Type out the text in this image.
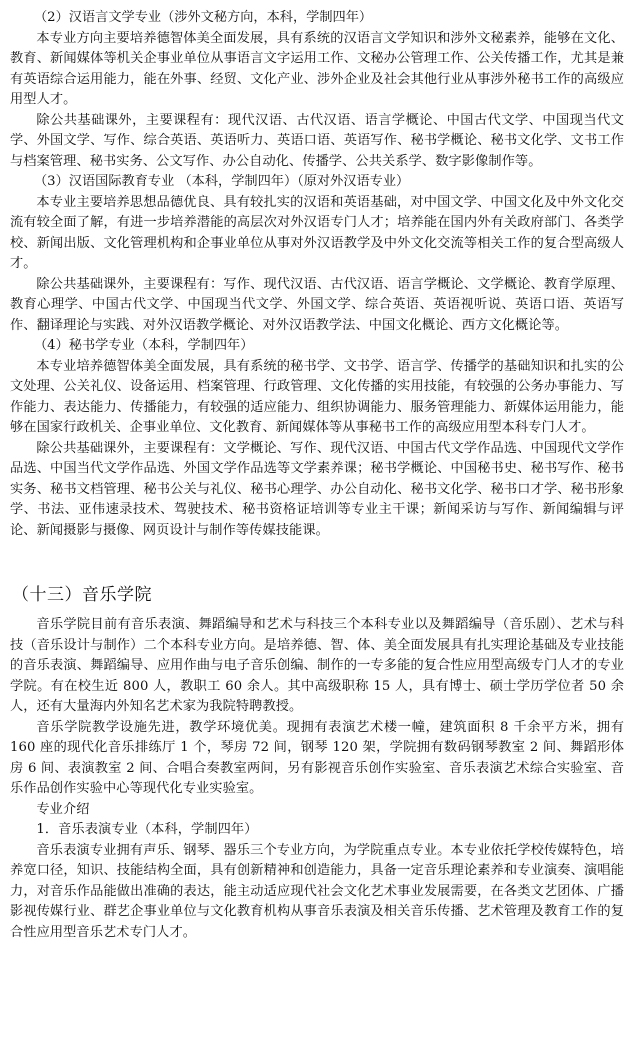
（2）汉语言文学专业（涉外文秘方向，本科，学制四年）

本专业方向主要培养德智体美全面发展，具有系统的汉语言文学知识和涉外文秘素养，能够在文化、教育、新闻媒体等机关企事业单位从事语言文字运用工作、文秘办公管理工作、公关传播工作，尤其是兼有英语综合运用能力，能在外事、经贸、文化产业、涉外企业及社会其他行业从事涉外秘书工作的高级应用型人才。

除公共基础课外，主要课程有：现代汉语、古代汉语、语言学概论、中国古代文学、中国现当代文学、外国文学、写作、综合英语、英语听力、英语口语、英语写作、秘书学概论、秘书文化学、文书工作与档案管理、秘书实务、公文写作、办公自动化、传播学、公共关系学、数字影像制作等。

（3）汉语国际教育专业 （本科，学制四年）（原对外汉语专业）

本专业主要培养思想品德优良、具有较扎实的汉语和英语基础，对中国文学、中国文化及中外文化交流有较全面了解，有进一步培养潜能的高层次对外汉语专门人才；培养能在国内外有关政府部门、各类学校、新闻出版、文化管理机构和企事业单位从事对外汉语教学及中外文化交流等相关工作的复合型高级人才。

除公共基础课外，主要课程有：写作、现代汉语、古代汉语、语言学概论、文学概论、教育学原理、教育心理学、中国古代文学、中国现当代文学、外国文学、综合英语、英语视听说、英语口语、英语写作、翻译理论与实践、对外汉语教学概论、对外汉语教学法、中国文化概论、西方文化概论等。

（4）秘书学专业（本科，学制四年）

本专业培养德智体美全面发展，具有系统的秘书学、文书学、语言学、传播学的基础知识和扎实的公文处理、公关礼仪、设备运用、档案管理、行政管理、文化传播的实用技能，有较强的公务办事能力、写作能力、表达能力、传播能力，有较强的适应能力、组织协调能力、服务管理能力、新媒体运用能力，能够在国家行政机关、企事业单位、文化教育、新闻媒体等从事秘书工作的高级应用型本科专门人才。

除公共基础课外，主要课程有：文学概论、写作、现代汉语、中国古代文学作品选、中国现代文学作品选、中国当代文学作品选、外国文学作品选等文学素养课；秘书学概论、中国秘书史、秘书写作、秘书实务、秘书文档管理、秘书公关与礼仪、秘书心理学、办公自动化、秘书文化学、秘书口才学、秘书形象学、书法、亚伟速录技术、驾驶技术、秘书资格证培训等专业主干课；新闻采访与写作、新闻编辑与评论、新闻摄影与摄像、网页设计与制作等传媒技能课。

（十三）音乐学院

音乐学院目前有音乐表演、舞蹈编导和艺术与科技三个本科专业以及舞蹈编导（音乐剧）、艺术与科技（音乐设计与制作）二个本科专业方向。是培养德、智、体、美全面发展具有扎实理论基础及专业技能的音乐表演、舞蹈编导、应用作曲与电子音乐创编、制作的一专多能的复合性应用型高级专门人才的专业学院。有在校生近 800 人，教职工 60 余人。其中高级职称 15 人，具有博士、硕士学历学位者 50 余人，还有大量海内外知名艺术家为我院特聘教授。

音乐学院教学设施先进，教学环境优美。现拥有表演艺术楼一幢，建筑面积 8 千余平方米，拥有 160 座的现代化音乐排练厅 1 个，琴房 72 间，钢琴 120 架，学院拥有数码钢琴教室 2 间、舞蹈形体房 6 间、表演教室 2 间、合唱合奏教室两间，另有影视音乐创作实验室、音乐表演艺术综合实验室、音乐作品创作实验中心等现代化专业实验室。

专业介绍

1．音乐表演专业（本科，学制四年）

音乐表演专业拥有声乐、钢琴、器乐三个专业方向，为学院重点专业。本专业依托学校传媒特色，培养宽口径，知识、技能结构全面，具有创新精神和创造能力，具备一定音乐理论素养和专业演奏、演唱能力，对音乐作品能做出准确的表达，能主动适应现代社会文化艺术事业发展需要，在各类文艺团体、广播影视传媒行业、群艺企事业单位与文化教育机构从事音乐表演及相关音乐传播、艺术管理及教育工作的复合性应用型音乐艺术专门人才。
